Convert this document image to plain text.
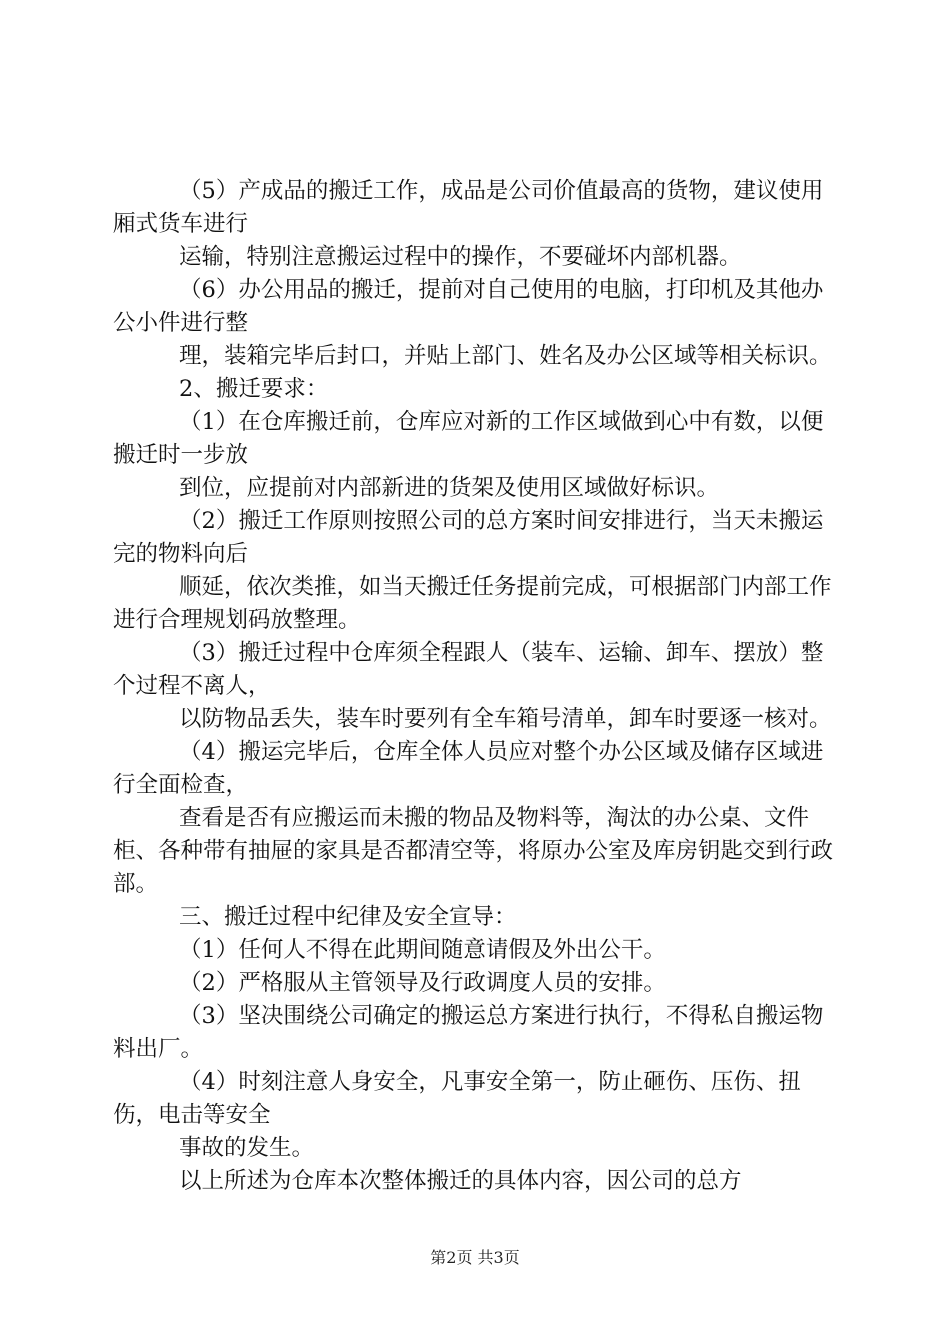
（5）产成品的搬迁工作，成品是公司价值最高的货物，建议使用厢式货车进行

运输，特别注意搬运过程中的操作，不要碰坏内部机器。

（6）办公用品的搬迁，提前对自己使用的电脑，打印机及其他办公小件进行整

理，装箱完毕后封口，并贴上部门、姓名及办公区域等相关标识。

2、搬迁要求：

（1）在仓库搬迁前，仓库应对新的工作区域做到心中有数，以便搬迁时一步放

到位，应提前对内部新进的货架及使用区域做好标识。

（2）搬迁工作原则按照公司的总方案时间安排进行，当天未搬运完的物料向后

顺延，依次类推，如当天搬迁任务提前完成，可根据部门内部工作进行合理规划码放整理。

（3）搬迁过程中仓库须全程跟人（装车、运输、卸车、摆放）整个过程不离人，

以防物品丢失，装车时要列有全车箱号清单，卸车时要逐一核对。

（4）搬运完毕后，仓库全体人员应对整个办公区域及储存区域进行全面检查，

查看是否有应搬运而未搬的物品及物料等，淘汰的办公桌、文件柜、各种带有抽屉的家具是否都清空等，将原办公室及库房钥匙交到行政部。

三、搬迁过程中纪律及安全宣导：

（1）任何人不得在此期间随意请假及外出公干。

（2）严格服从主管领导及行政调度人员的安排。

（3）坚决围绕公司确定的搬运总方案进行执行，不得私自搬运物料出厂。

（4）时刻注意人身安全，凡事安全第一，防止砸伤、压伤、扭伤，电击等安全

事故的发生。

以上所述为仓库本次整体搬迁的具体内容，因公司的总方

第2页 共3页
